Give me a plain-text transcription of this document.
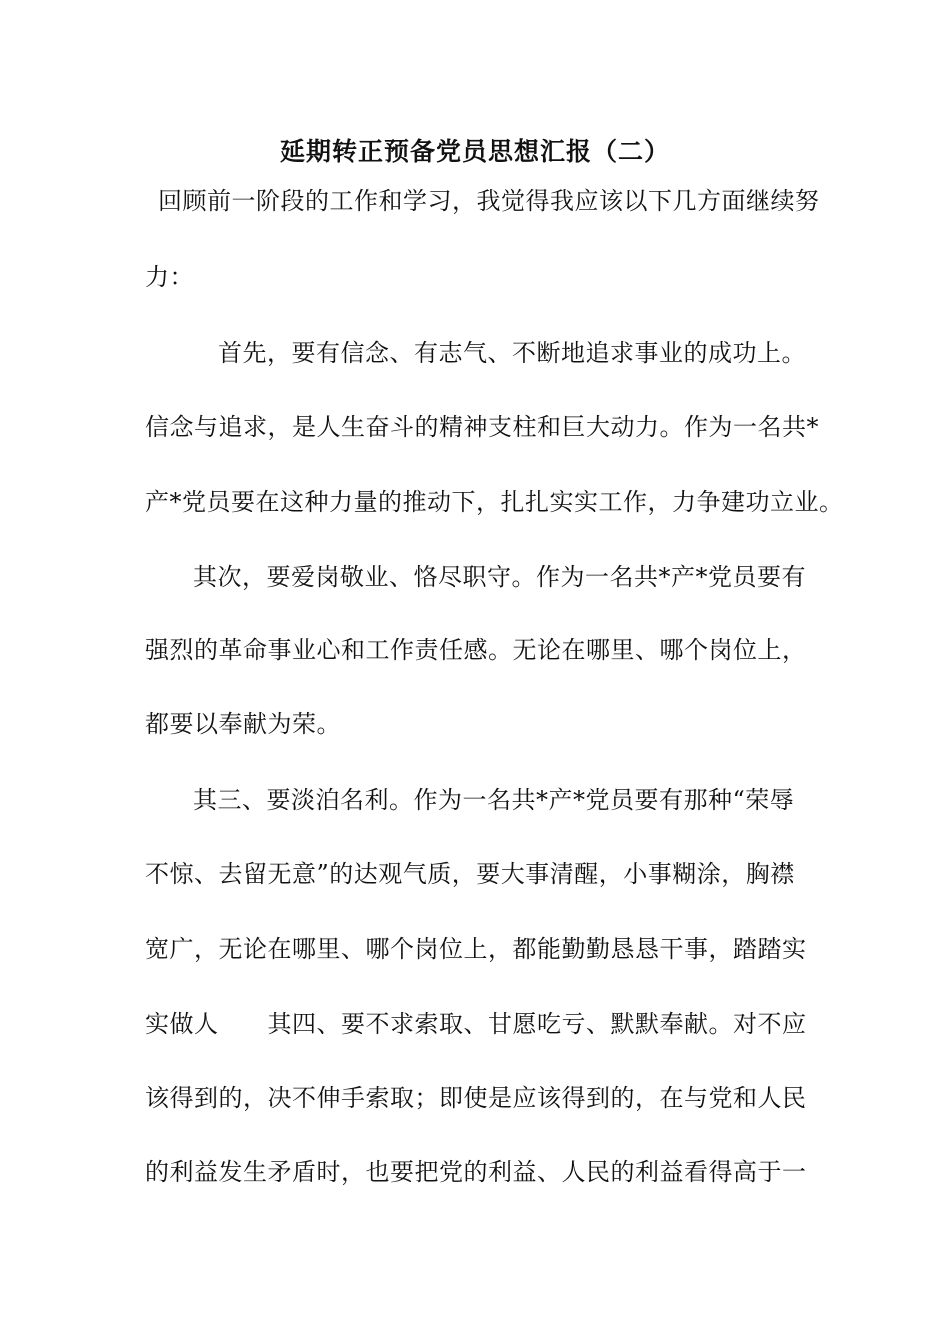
延期转正预备党员思想汇报（二）
回顾前一阶段的工作和学习，我觉得我应该以下几方面继续努
力：
首先，要有信念、有志气、不断地追求事业的成功上。
信念与追求，是人生奋斗的精神支柱和巨大动力。作为一名共*
产*党员要在这种力量的推动下，扎扎实实工作，力争建功立业。
其次，要爱岗敬业、恪尽职守。作为一名共*产*党员要有
强烈的革命事业心和工作责任感。无论在哪里、哪个岗位上，
都要以奉献为荣。
其三、要淡泊名利。作为一名共*产*党员要有那种“荣辱
不惊、去留无意”的达观气质，要大事清醒，小事糊涂，胸襟
宽广，无论在哪里、哪个岗位上，都能勤勤恳恳干事，踏踏实
实做人　　其四、要不求索取、甘愿吃亏、默默奉献。对不应
该得到的，决不伸手索取；即使是应该得到的，在与党和人民
的利益发生矛盾时，也要把党的利益、人民的利益看得高于一
